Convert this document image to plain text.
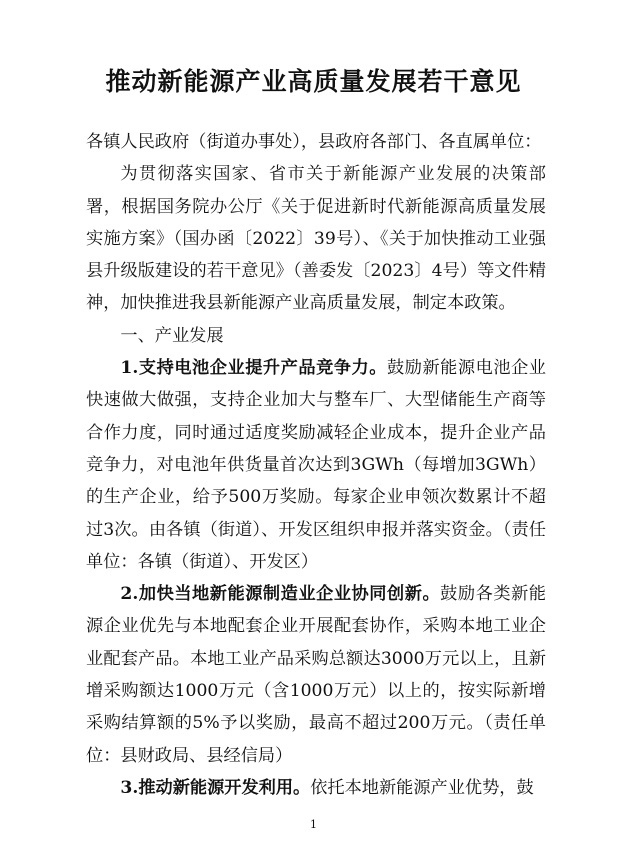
推动新能源产业高质量发展若干意见

各镇人民政府（街道办事处），县政府各部门、各直属单位：

为贯彻落实国家、省市关于新能源产业发展的决策部署，根据国务院办公厅《关于促进新时代新能源高质量发展实施方案》（国办函〔2022〕39号）、《关于加快推动工业强县升级版建设的若干意见》（善委发〔2023〕4号）等文件精神，加快推进我县新能源产业高质量发展，制定本政策。

一、产业发展

1.支持电池企业提升产品竞争力。鼓励新能源电池企业快速做大做强，支持企业加大与整车厂、大型储能生产商等合作力度，同时通过适度奖励减轻企业成本，提升企业产品竞争力，对电池年供货量首次达到3GWh（每增加3GWh）的生产企业，给予500万奖励。每家企业申领次数累计不超过3次。由各镇（街道）、开发区组织申报并落实资金。（责任单位：各镇（街道）、开发区）

2.加快当地新能源制造业企业协同创新。鼓励各类新能源企业优先与本地配套企业开展配套协作，采购本地工业企业配套产品。本地工业产品采购总额达3000万元以上，且新增采购额达1000万元（含1000万元）以上的，按实际新增采购结算额的5%予以奖励，最高不超过200万元。（责任单位：县财政局、县经信局）

3.推动新能源开发利用。依托本地新能源产业优势，鼓

1
